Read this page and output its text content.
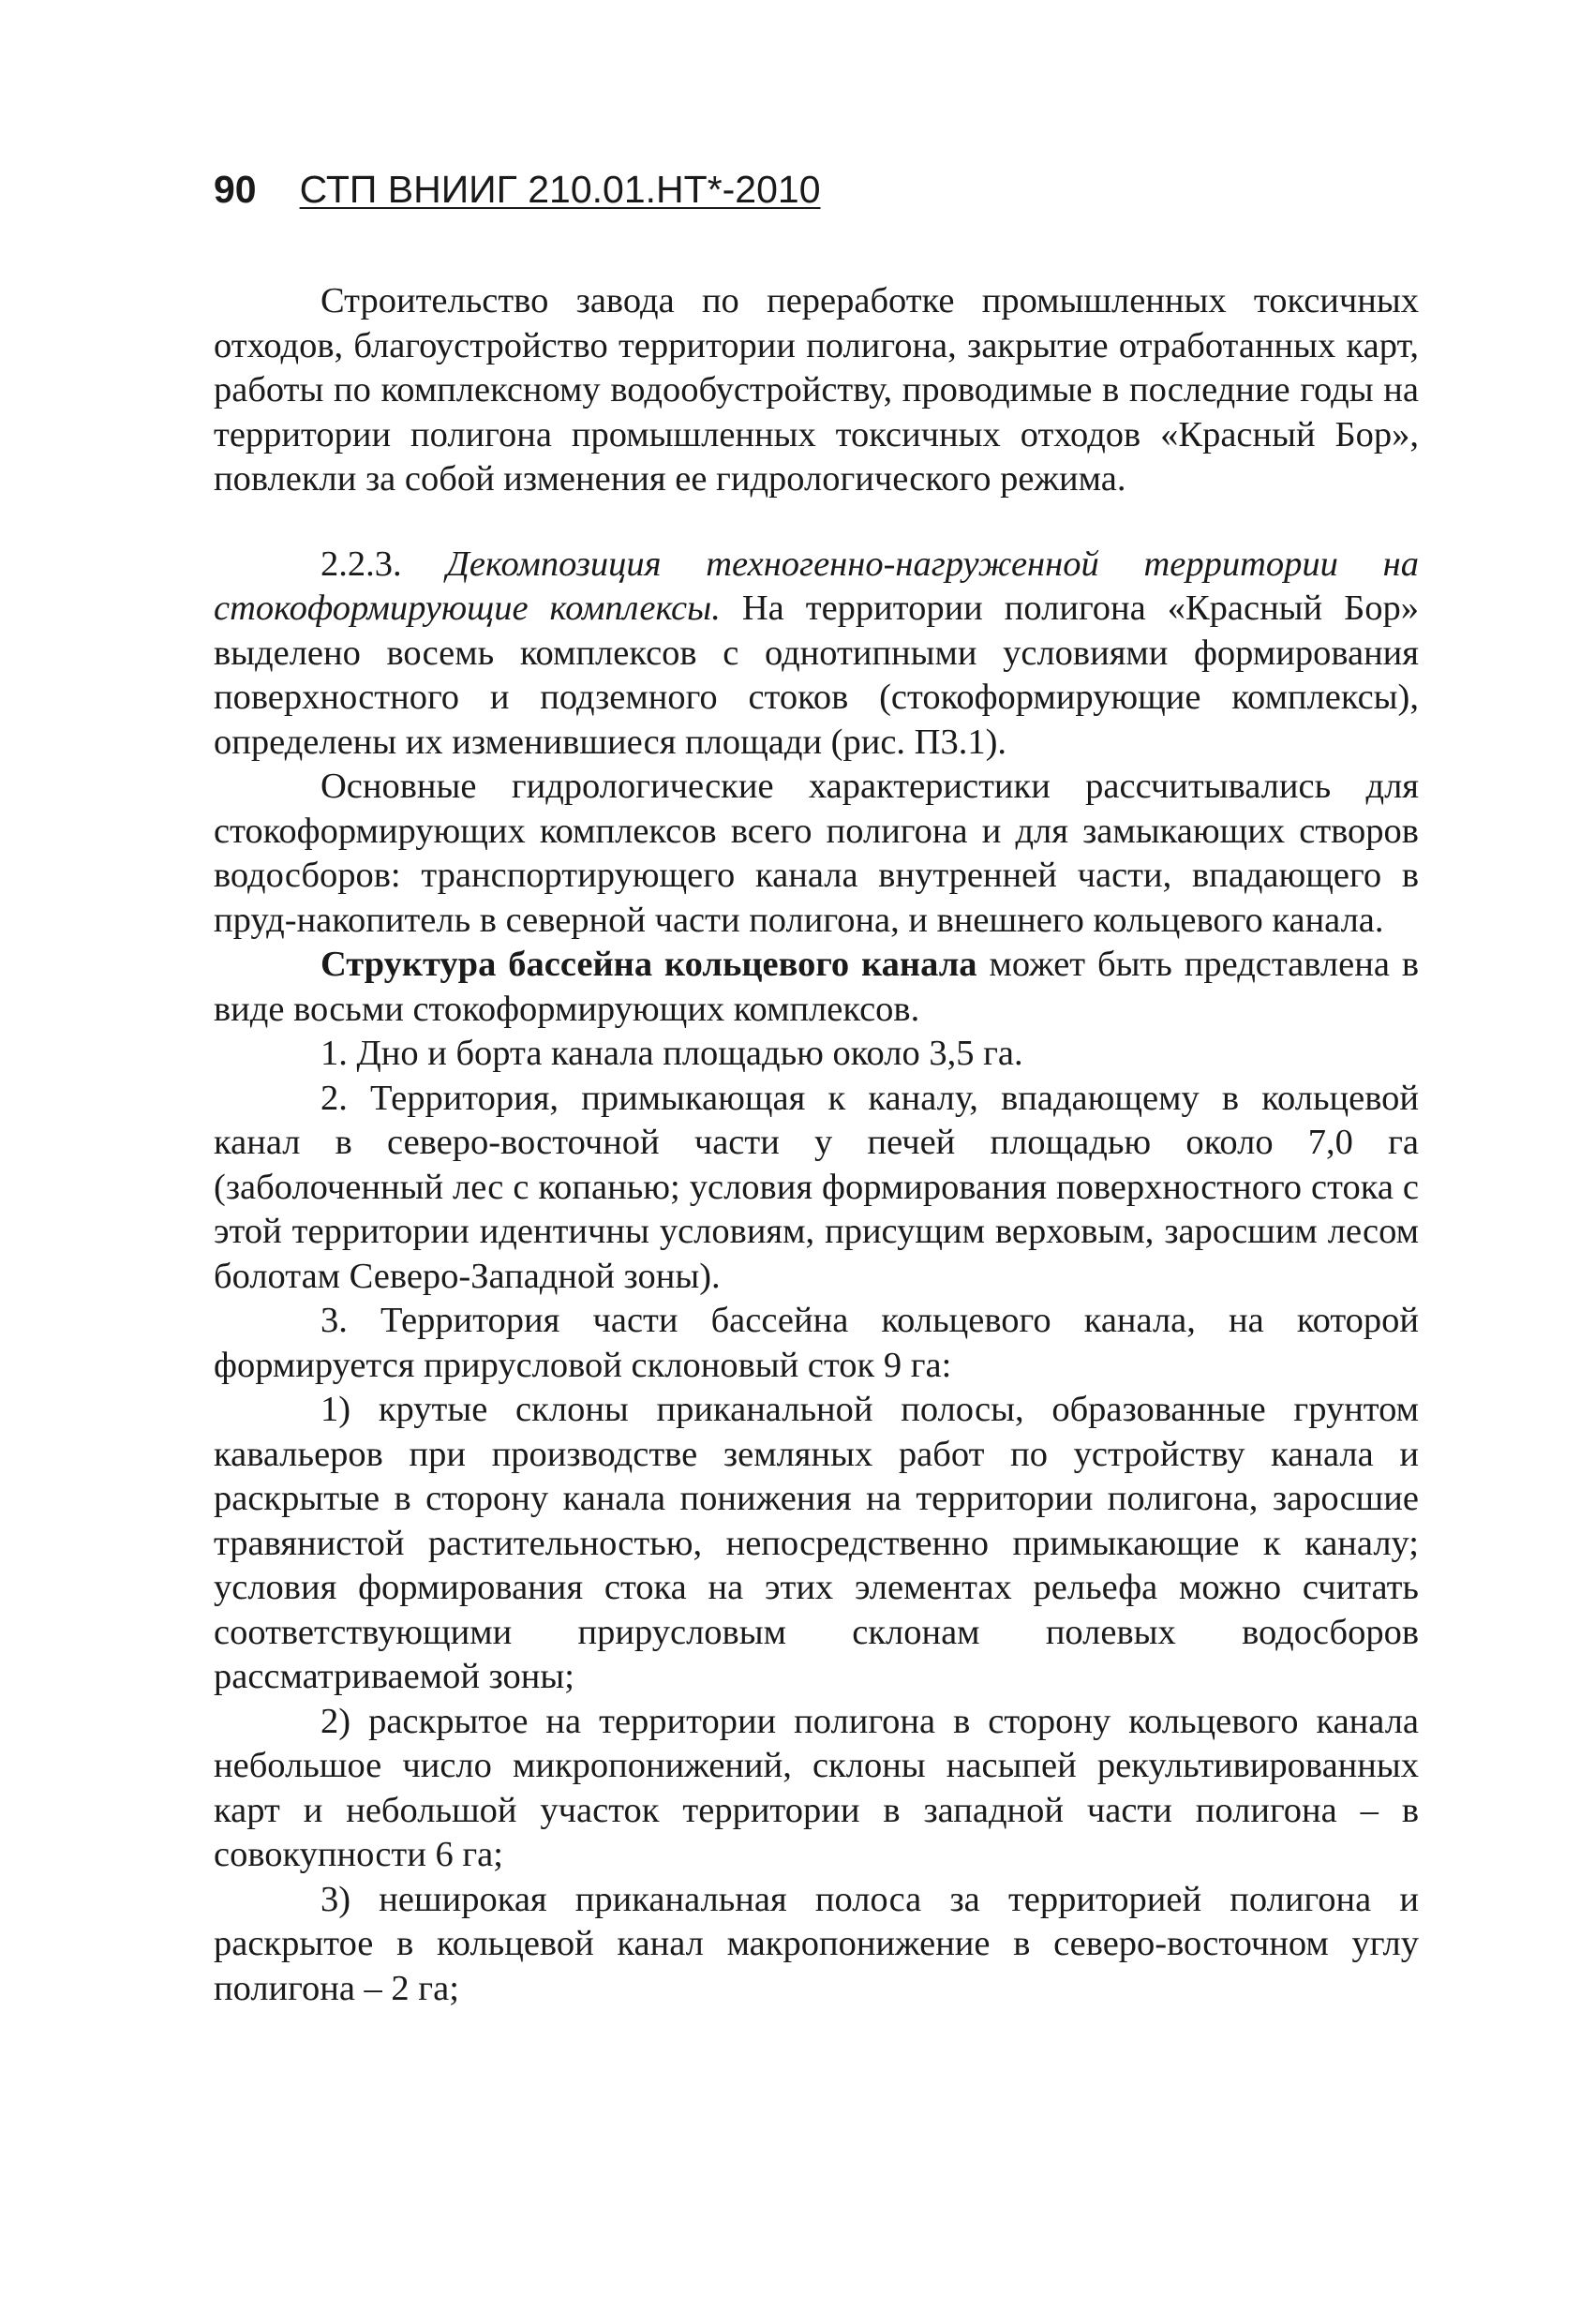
90 СТП ВНИИГ 210.01.НТ*-2010

Строительство завода по переработке промышленных токсичных отходов, благоустройство территории полигона, закрытие отработанных карт, работы по комплексному водообустройству, проводимые в последние годы на территории полигона промышленных токсичных отходов «Красный Бор», повлекли за собой изменения ее гидрологического режима.

2.2.3. Декомпозиция техногенно-нагруженной территории на стокоформирующие комплексы. На территории полигона «Красный Бор» выделено восемь комплексов с однотипными условиями формирования поверхностного и подземного стоков (стокоформирующие комплексы), определены их изменившиеся площади (рис. П3.1).

Основные гидрологические характеристики рассчитывались для стокоформирующих комплексов всего полигона и для замыкающих створов водосборов: транспортирующего канала внутренней части, впадающего в пруд-накопитель в северной части полигона, и внешнего кольцевого канала.

Структура бассейна кольцевого канала может быть представлена в виде восьми стокоформирующих комплексов.

1. Дно и борта канала площадью около 3,5 га.

2. Территория, примыкающая к каналу, впадающему в кольцевой канал в северо-восточной части у печей площадью около 7,0 га (заболоченный лес с копанью; условия формирования поверхностного стока с этой территории идентичны условиям, присущим верховым, заросшим лесом болотам Северо-Западной зоны).

3. Территория части бассейна кольцевого канала, на которой формируется прирусловой склоновый сток 9 га:

1) крутые склоны приканальной полосы, образованные грунтом кавальеров при производстве земляных работ по устройству канала и раскрытые в сторону канала понижения на территории полигона, заросшие травянистой растительностью, непосредственно примыкающие к каналу; условия формирования стока на этих элементах рельефа можно считать соответствующими прирусловым склонам полевых водосборов рассматриваемой зоны;

2) раскрытое на территории полигона в сторону кольцевого канала небольшое число микропонижений, склоны насыпей рекультивированных карт и небольшой участок территории в западной части полигона – в совокупности 6 га;

3) неширокая приканальная полоса за территорией полигона и раскрытое в кольцевой канал макропонижение в северо-восточном углу полигона – 2 га;
